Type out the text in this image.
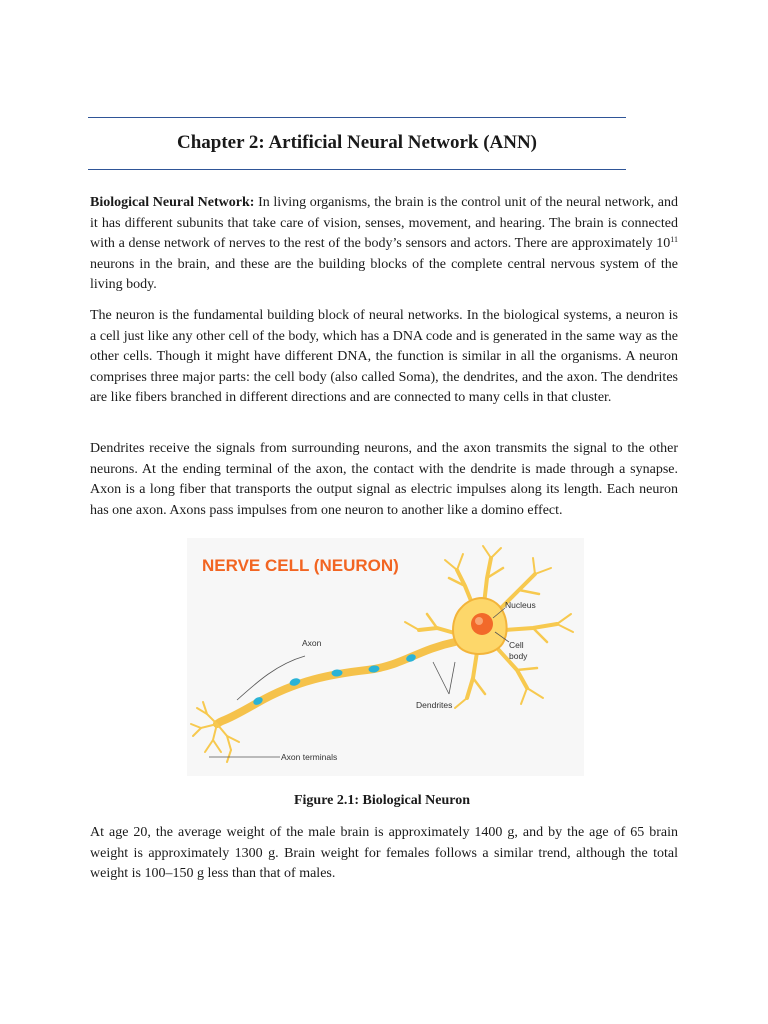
Chapter 2: Artificial Neural Network (ANN)

Biological Neural Network: In living organisms, the brain is the control unit of the neural network, and it has different subunits that take care of vision, senses, movement, and hearing. The brain is connected with a dense network of nerves to the rest of the body’s sensors and actors. There are approximately $10^{11}$ neurons in the brain, and these are the building blocks of the complete central nervous system of the living body.

The neuron is the fundamental building block of neural networks. In the biological systems, a neuron is a cell just like any other cell of the body, which has a DNA code and is generated in the same way as the other cells. Though it might have different DNA, the function is similar in all the organisms. A neuron comprises three major parts: the cell body (also called Soma), the dendrites, and the axon. The dendrites are like fibers branched in different directions and are connected to many cells in that cluster.

Dendrites receive the signals from surrounding neurons, and the axon transmits the signal to the other neurons. At the ending terminal of the axon, the contact with the dendrite is made through a synapse. Axon is a long fiber that transports the output signal as electric impulses along its length. Each neuron has one axon. Axons pass impulses from one neuron to another like a domino effect.

NERVE CELL (NEURON)
Nucleus
Cell
body
Axon
Dendrites
Axon terminals

Figure 2.1: Biological Neuron

At age 20, the average weight of the male brain is approximately 1400 g, and by the age of 65 brain weight is approximately 1300 g. Brain weight for females follows a similar trend, although the total weight is 100–150 g less than that of males.
